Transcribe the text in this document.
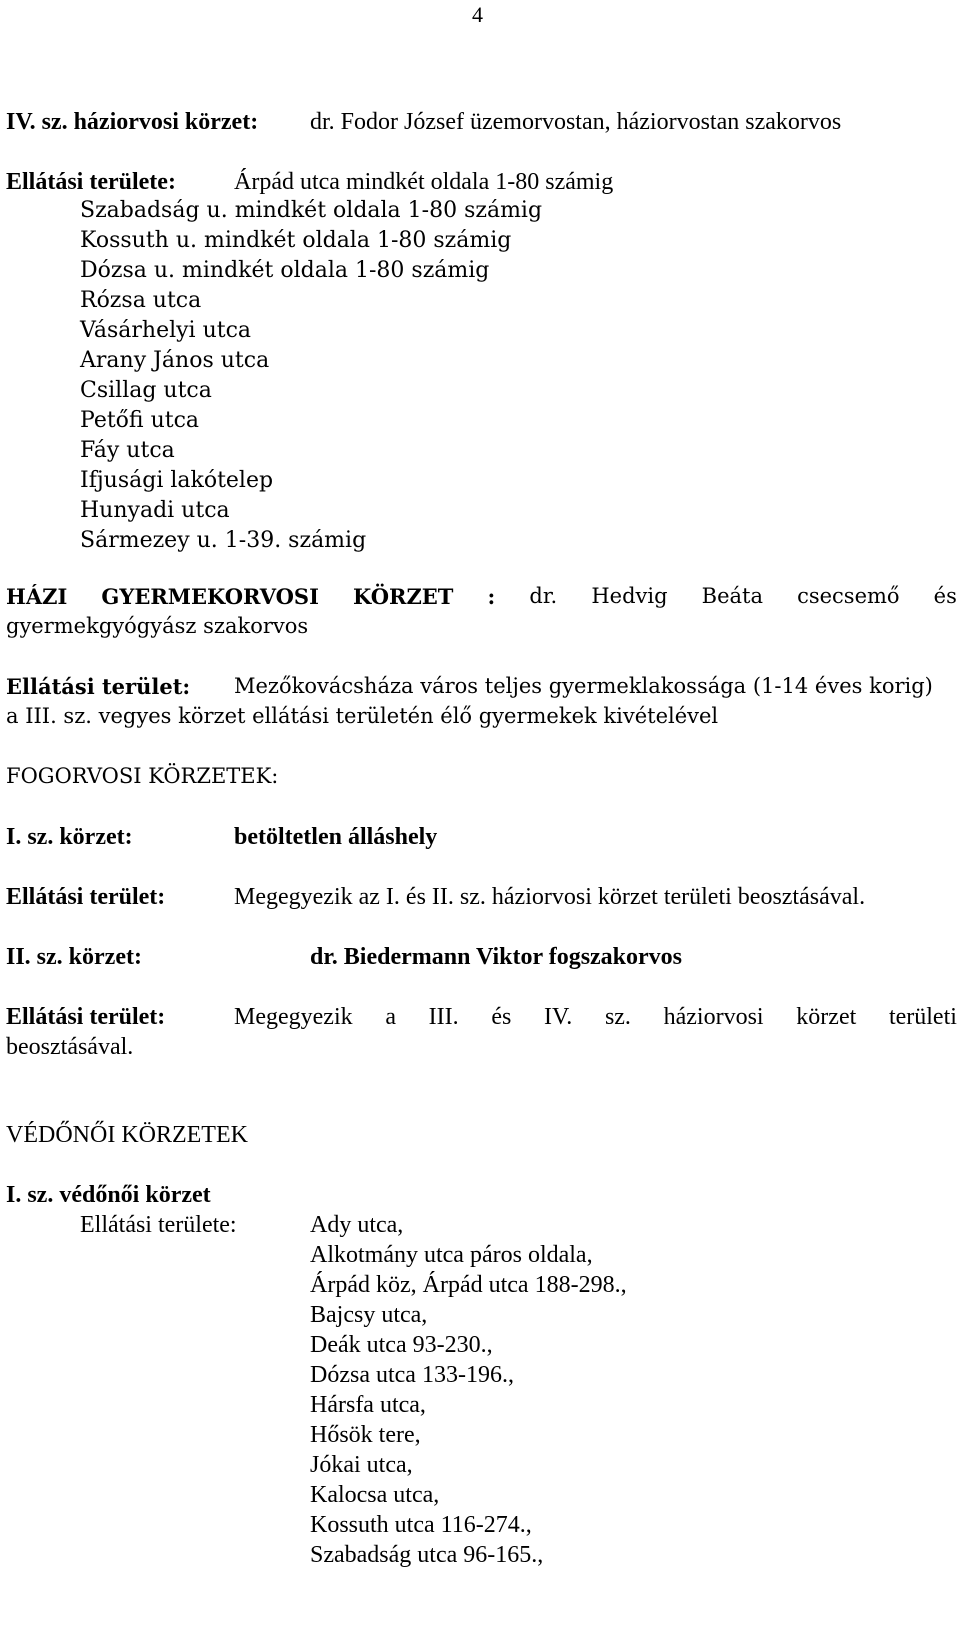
4
IV. sz. háziorvosi körzet: dr. Fodor József üzemorvostan, háziorvostan szakorvos
Ellátási területe: Árpád utca mindkét oldala 1-80 számig
Szabadság u. mindkét oldala 1-80 számig
Kossuth u. mindkét oldala 1-80 számig
Dózsa u. mindkét oldala 1-80 számig
Rózsa utca
Vásárhelyi utca
Arany János utca
Csillag utca
Petőfi utca
Fáy utca
Ifjusági lakótelep
Hunyadi utca
Sármezey u. 1-39. számig
HÁZI GYERMEKORVOSI KÖRZET : dr. Hedvig Beáta csecsemő és
gyermekgyógyász szakorvos
Ellátási terület: Mezőkovácsháza város teljes gyermeklakossága (1-14 éves korig)
a III. sz. vegyes körzet ellátási területén élő gyermekek kivételével
FOGORVOSI KÖRZETEK:
I. sz. körzet:	betöltetlen álláshely
Ellátási terület:	Megegyezik az I. és II. sz. háziorvosi körzet területi beosztásával.
II. sz. körzet:	dr. Biedermann Viktor fogszakorvos
Ellátási terület:	Megegyezik a III. és IV. sz. háziorvosi körzet területi
beosztásával.
VÉDŐNŐI KÖRZETEK
I. sz. védőnői körzet
Ellátási területe:	Ady utca,
Alkotmány utca páros oldala,
Árpád köz, Árpád utca 188-298.,
Bajcsy utca,
Deák utca 93-230.,
Dózsa utca 133-196.,
Hársfa utca,
Hősök tere,
Jókai utca,
Kalocsa utca,
Kossuth utca 116-274.,
Szabadság utca 96-165.,
